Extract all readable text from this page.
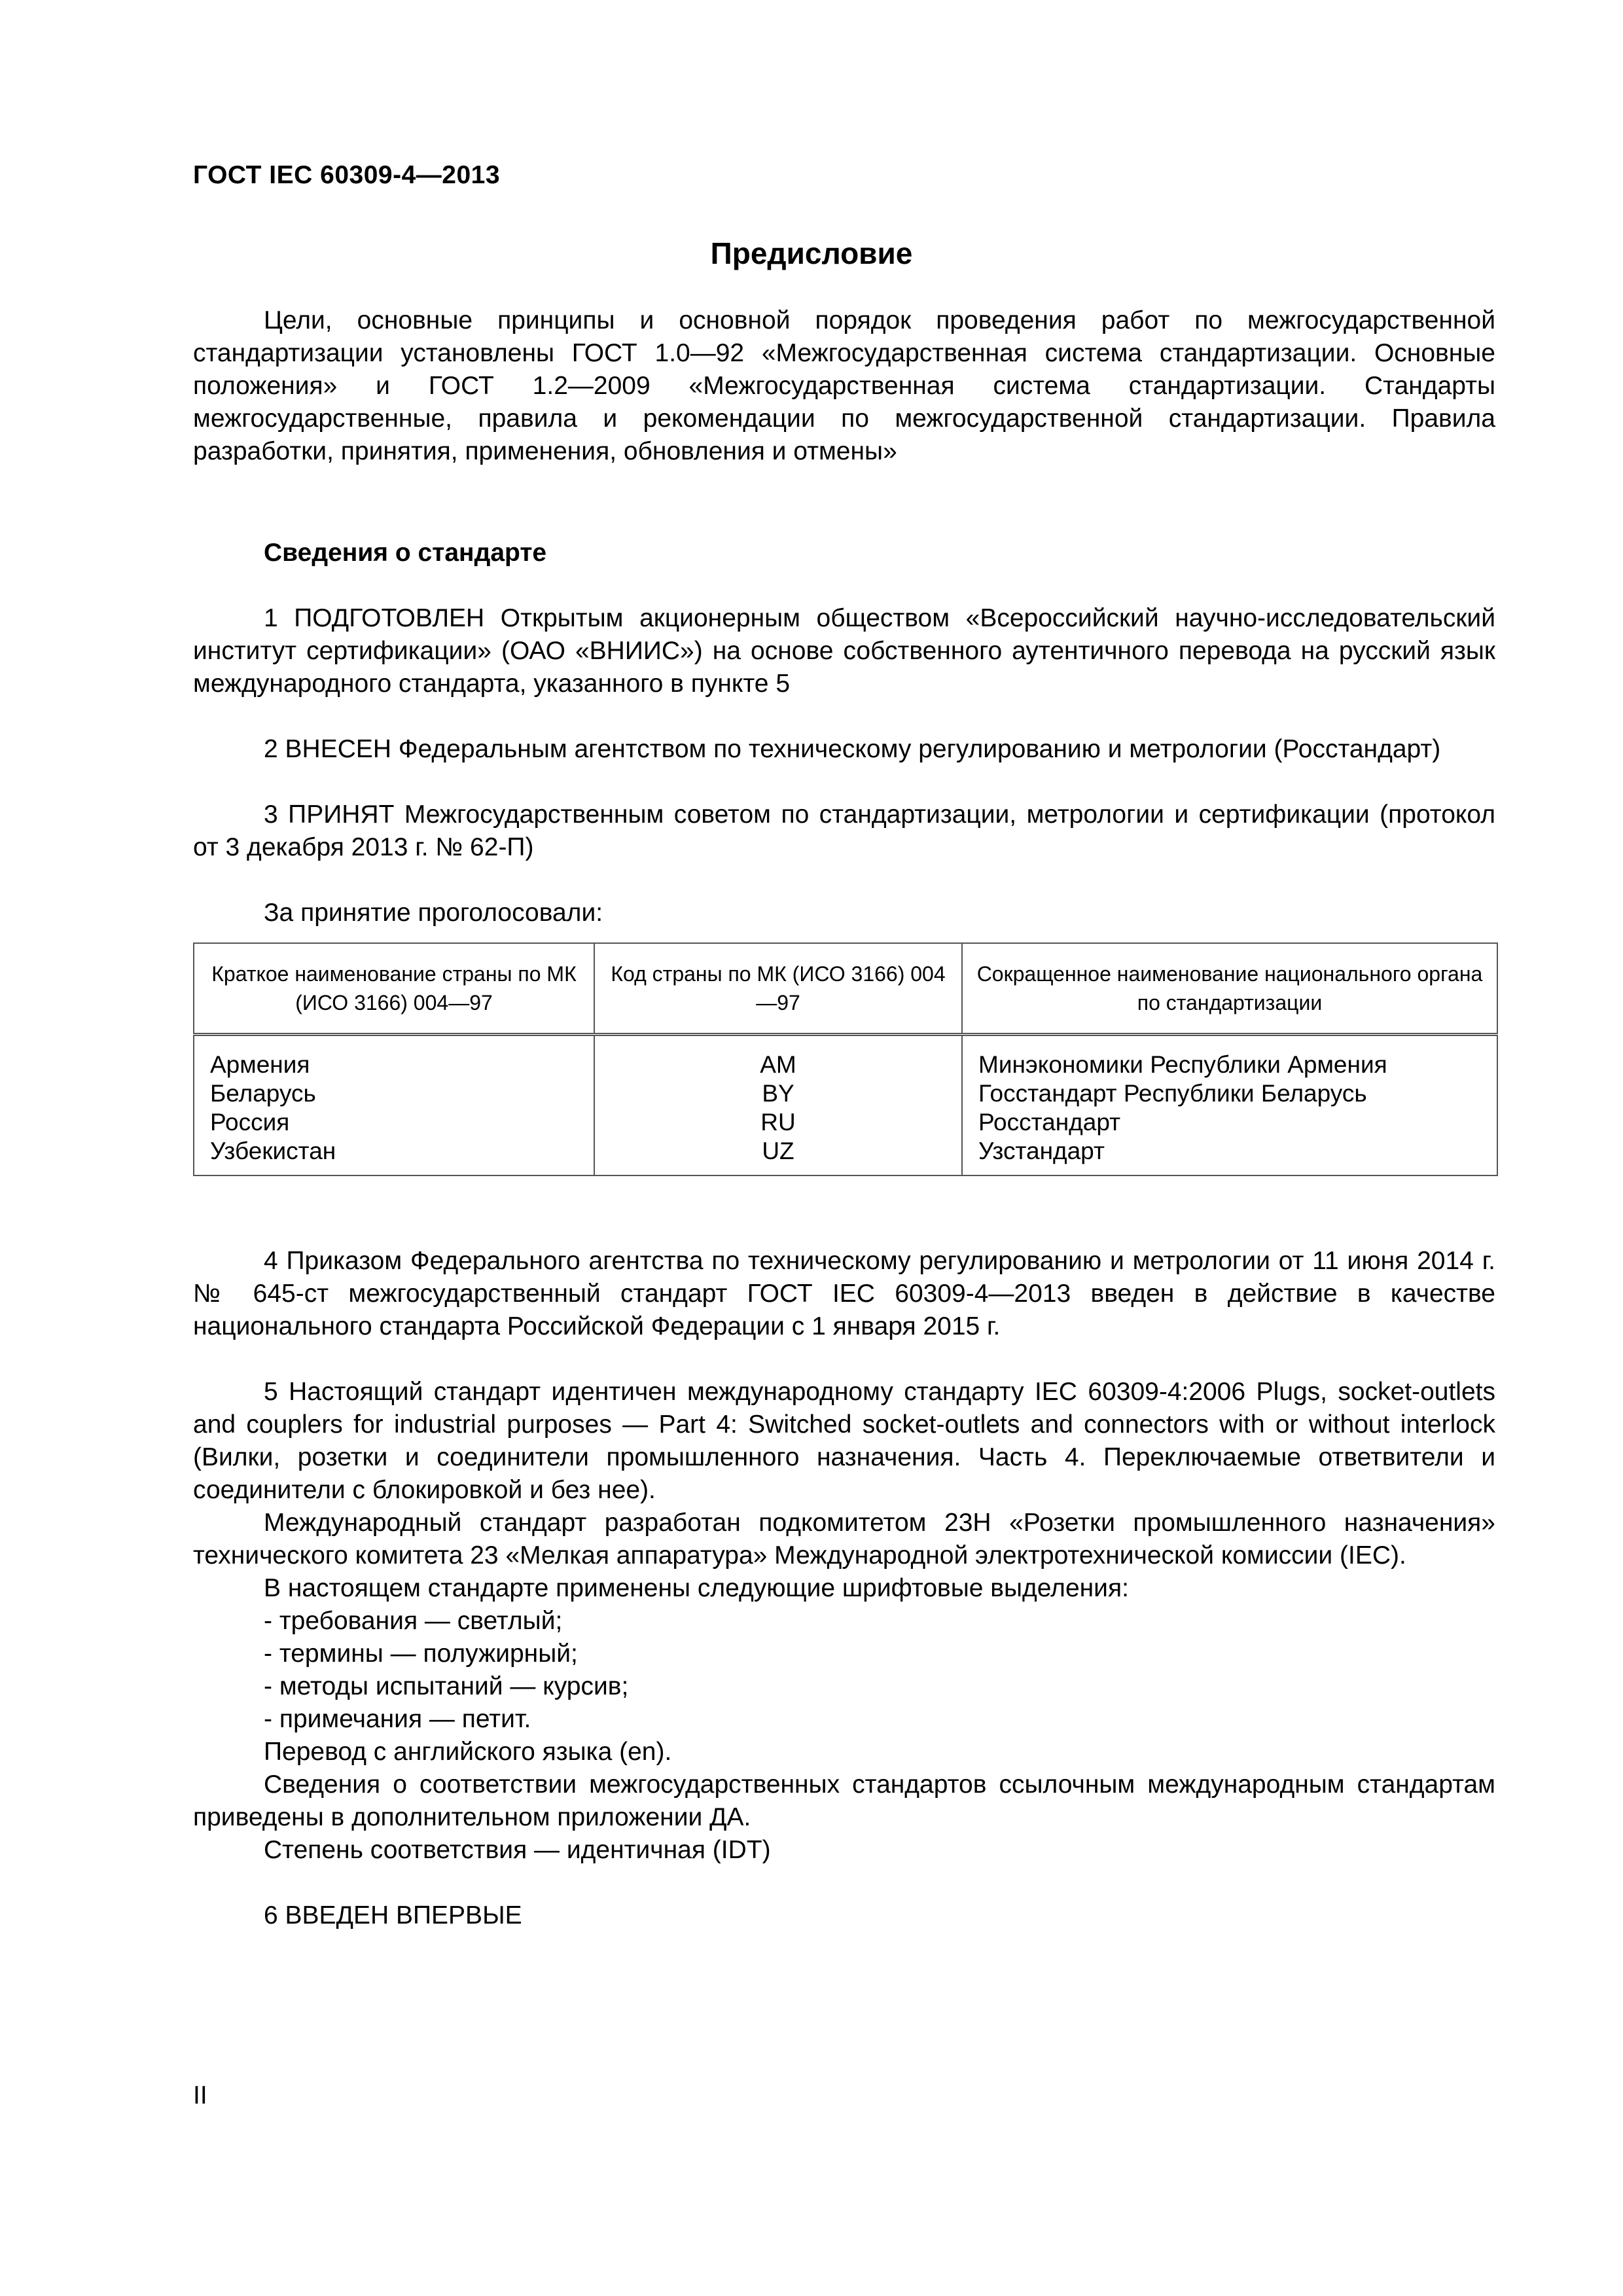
ГОСТ IEC 60309-4—2013
Предисловие

Цели, основные принципы и основной порядок проведения работ по межгосударственной стандартизации установлены ГОСТ 1.0—92 «Межгосударственная система стандартизации. Основные положения» и ГОСТ 1.2—2009 «Межгосударственная система стандартизации. Стандарты межгосударственные, правила и рекомендации по межгосударственной стандартизации. Правила разработки, принятия, применения, обновления и отмены»

Сведения о стандарте

1 ПОДГОТОВЛЕН Открытым акционерным обществом «Всероссийский научно-исследовательский институт сертификации» (ОАО «ВНИИС») на основе собственного аутентичного перевода на русский язык международного стандарта, указанного в пункте 5

2 ВНЕСЕН Федеральным агентством по техническому регулированию и метрологии (Росстандарт)

3 ПРИНЯТ Межгосударственным советом по стандартизации, метрологии и сертификации (протокол от 3 декабря 2013 г. № 62-П)

За принятие проголосовали:

Краткое наименование страны по МК (ИСО 3166) 004—97	Код страны по МК (ИСО 3166) 004—97	Сокращенное наименование национального органа по стандартизации
Армения	AM	Минэкономики Республики Армения
Беларусь	BY	Госстандарт Республики Беларусь
Россия	RU	Росстандарт
Узбекистан	UZ	Узстандарт

4 Приказом Федерального агентства по техническому регулированию и метрологии от 11 июня 2014 г. № 645-ст межгосударственный стандарт ГОСТ IEC 60309-4—2013 введен в действие в качестве национального стандарта Российской Федерации с 1 января 2015 г.

5 Настоящий стандарт идентичен международному стандарту IEC 60309-4:2006 Plugs, socket-outlets and couplers for industrial purposes — Part 4: Switched socket-outlets and connectors with or without interlock (Вилки, розетки и соединители промышленного назначения. Часть 4. Переключаемые ответвители и соединители с блокировкой и без нее).

Международный стандарт разработан подкомитетом 23Н «Розетки промышленного назначения» технического комитета 23 «Мелкая аппаратура» Международной электротехнической комиссии (IEC).

В настоящем стандарте применены следующие шрифтовые выделения:

- требования — светлый;

- термины — полужирный;

- методы испытаний — курсив;

- примечания — петит.

Перевод с английского языка (en).

Сведения о соответствии межгосударственных стандартов ссылочным международным стандартам приведены в дополнительном приложении ДА.

Степень соответствия — идентичная (IDT)

6 ВВЕДЕН ВПЕРВЫЕ

II
